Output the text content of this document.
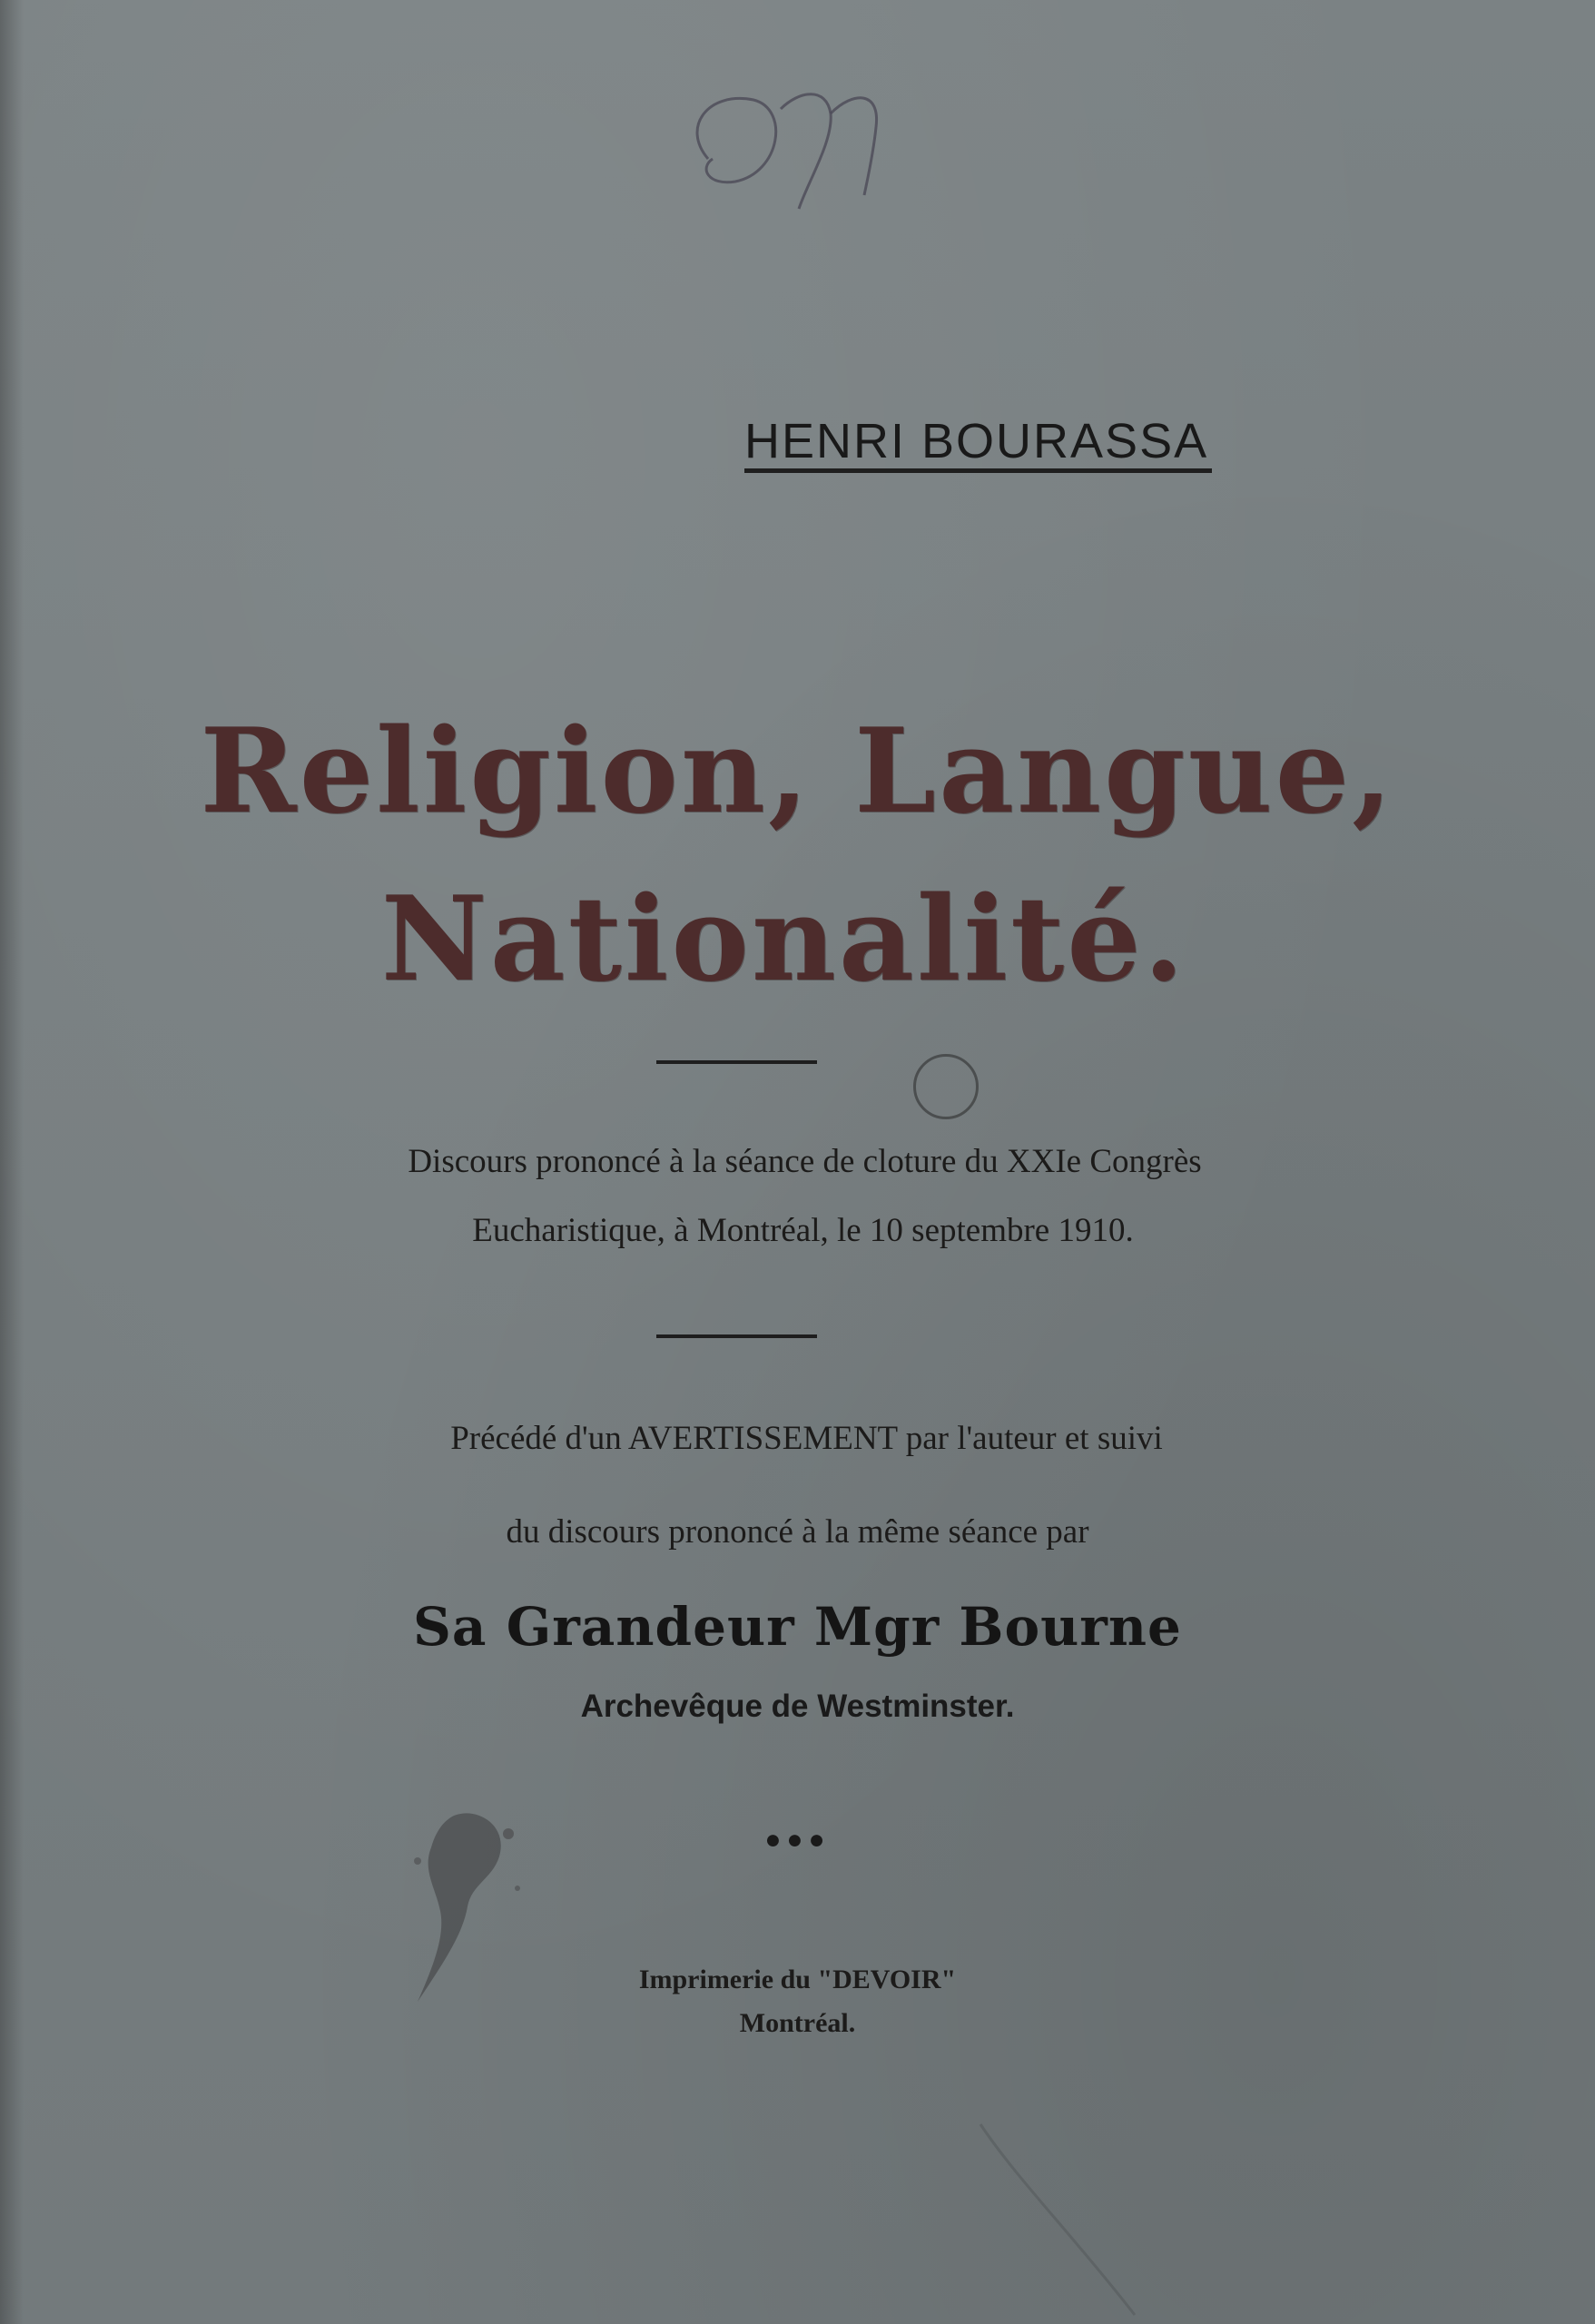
HENRI BOURASSA
Religion, Langue,
Nationalité.
Discours prononcé à la séance de cloture du XXIe Congrès
Eucharistique, à Montréal, le 10 septembre 1910.
Précédé d'un AVERTISSEMENT par l'auteur et suivi
du discours prononcé à la même séance par
Sa Grandeur Mgr Bourne
Archevêque de Westminster.
●●●
Imprimerie du "DEVOIR"
Montréal.
